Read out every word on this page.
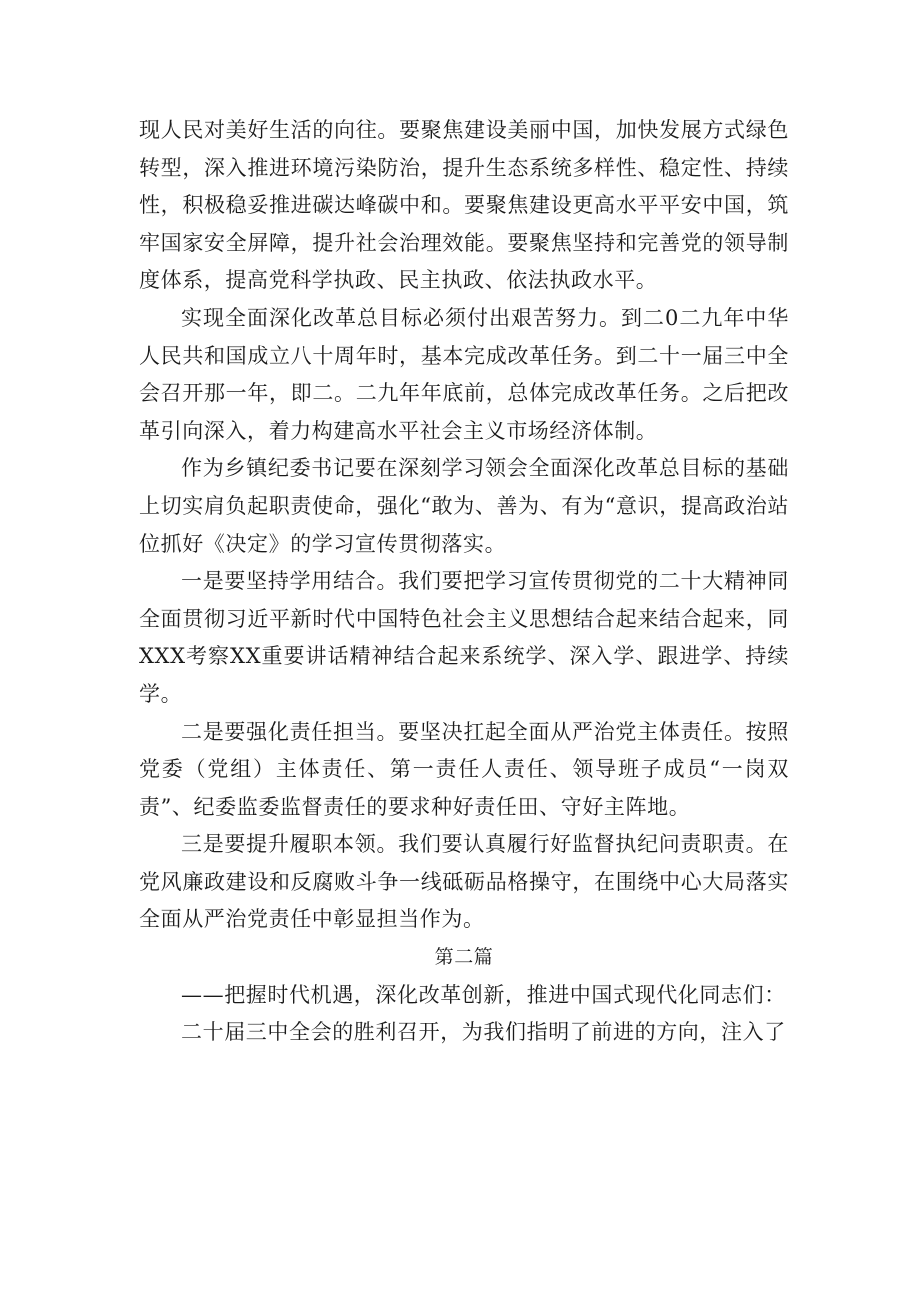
现人民对美好生活的向往。要聚焦建设美丽中国，加快发展方式绿色转型，深入推进环境污染防治，提升生态系统多样性、稳定性、持续性，积极稳妥推进碳达峰碳中和。要聚焦建设更高水平平安中国，筑牢国家安全屏障，提升社会治理效能。要聚焦坚持和完善党的领导制度体系，提高党科学执政、民主执政、依法执政水平。

实现全面深化改革总目标必须付出艰苦努力。到二0二九年中华人民共和国成立八十周年时，基本完成改革任务。到二十一届三中全会召开那一年，即二。二九年年底前，总体完成改革任务。之后把改革引向深入，着力构建高水平社会主义市场经济体制。

作为乡镇纪委书记要在深刻学习领会全面深化改革总目标的基础上切实肩负起职责使命，强化“敢为、善为、有为“意识，提高政治站位抓好《决定》的学习宣传贯彻落实。

一是要坚持学用结合。我们要把学习宣传贯彻党的二十大精神同全面贯彻习近平新时代中国特色社会主义思想结合起来结合起来，同XXX考察XX重要讲话精神结合起来系统学、深入学、跟进学、持续学。

二是要强化责任担当。要坚决扛起全面从严治党主体责任。按照党委（党组）主体责任、第一责任人责任、领导班子成员“一岗双责”、纪委监委监督责任的要求种好责任田、守好主阵地。

三是要提升履职本领。我们要认真履行好监督执纪问责职责。在党风廉政建设和反腐败斗争一线砥砺品格操守，在围绕中心大局落实全面从严治党责任中彰显担当作为。

第二篇

——把握时代机遇，深化改革创新，推进中国式现代化同志们：

二十届三中全会的胜利召开，为我们指明了前进的方向，注入了
